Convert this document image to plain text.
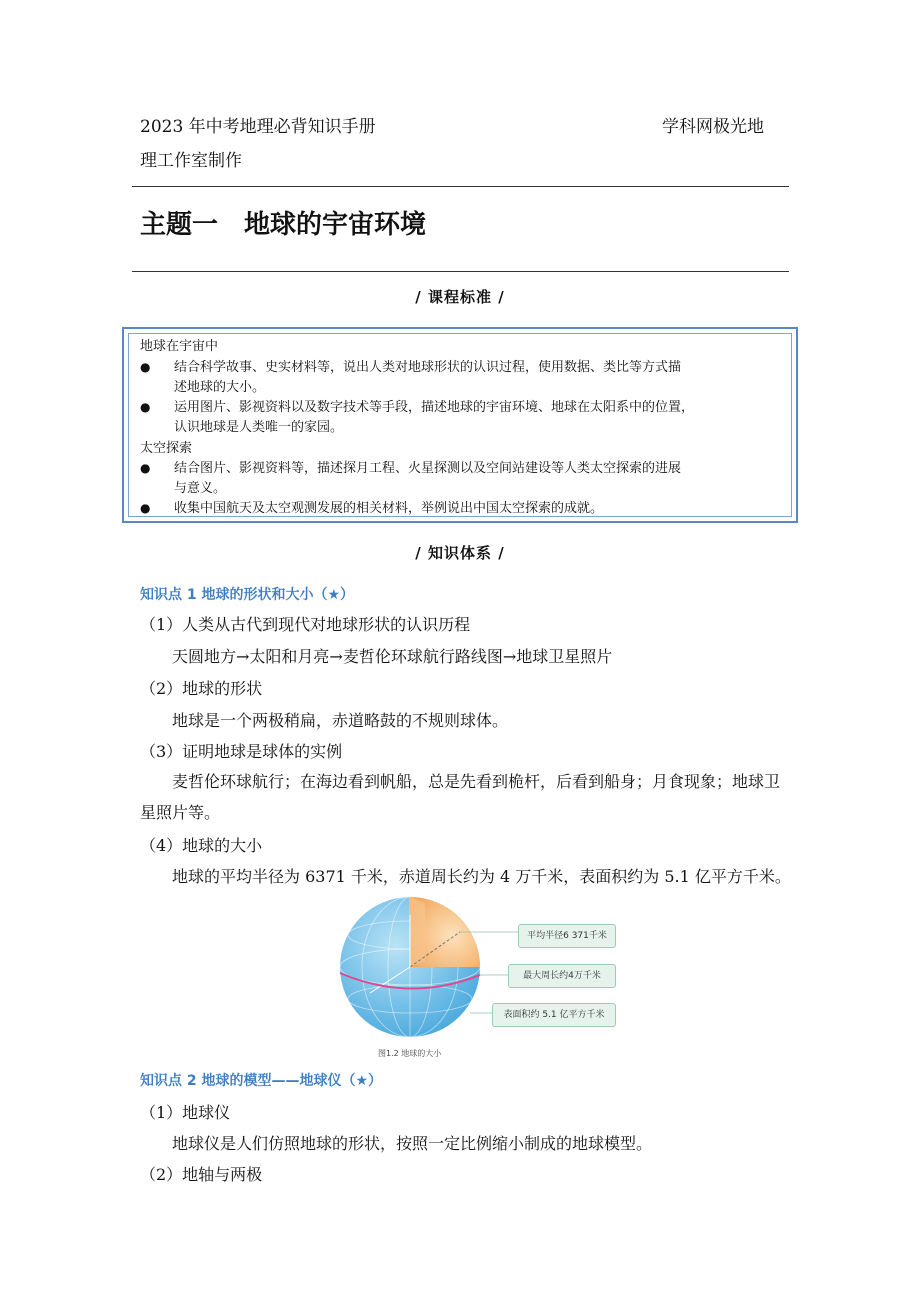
2023 年中考地理必背知识手册	学科网极光地
理工作室制作
主题一　地球的宇宙环境
/ 课程标准 /
地球在宇宙中
● 结合科学故事、史实材料等，说出人类对地球形状的认识过程，使用数据、类比等方式描
述地球的大小。
● 运用图片、影视资料以及数字技术等手段，描述地球的宇宙环境、地球在太阳系中的位置，
认识地球是人类唯一的家园。
太空探索
● 结合图片、影视资料等，描述探月工程、火星探测以及空间站建设等人类太空探索的进展
与意义。
● 收集中国航天及太空观测发展的相关材料，举例说出中国太空探索的成就。
/ 知识体系 /
知识点 1 地球的形状和大小（★）
（1）人类从古代到现代对地球形状的认识历程
天圆地方→太阳和月亮→麦哲伦环球航行路线图→地球卫星照片
（2）地球的形状
地球是一个两极稍扁，赤道略鼓的不规则球体。
（3）证明地球是球体的实例
麦哲伦环球航行；在海边看到帆船，总是先看到桅杆，后看到船身；月食现象；地球卫
星照片等。
（4）地球的大小
地球的平均半径为 6371 千米，赤道周长约为 4 万千米，表面积约为 5.1 亿平方千米。
平均半径6 371千米
最大周长约4万千米
表面积约 5.1 亿平方千米
图1.2 地球的大小
知识点 2 地球的模型——地球仪（★）
（1）地球仪
地球仪是人们仿照地球的形状，按照一定比例缩小制成的地球模型。
（2）地轴与两极
